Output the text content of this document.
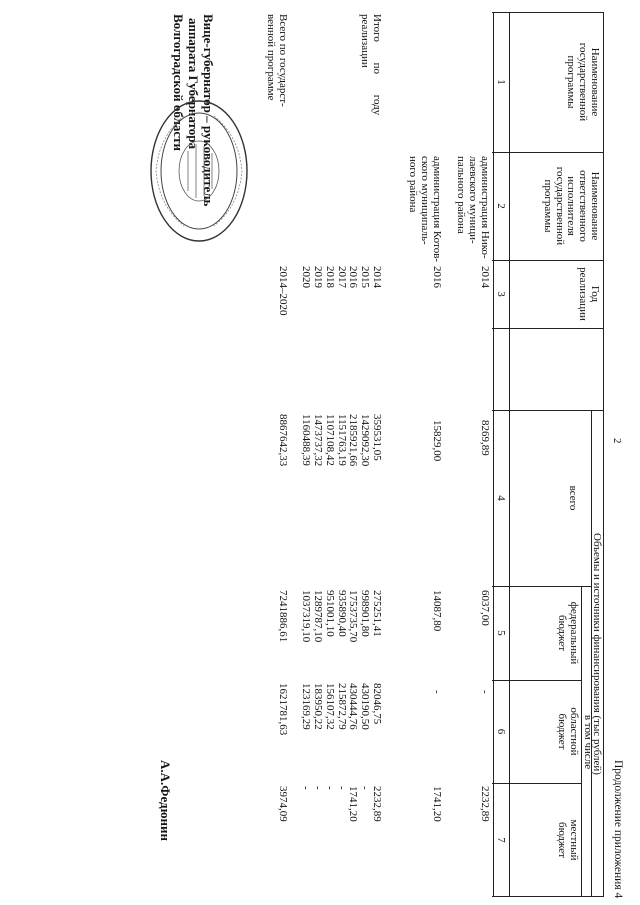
2
Продолжение приложения 4
Наименование
государственной
программы
Наименование
ответственного
исполнителя
государственной
программы
Год
реализации
Объемы и источники финансирования (тыс рублей)
всего
в том числе
федеральный
бюджет
областной
бюджет
местный
бюджет
1
2
3
4
5
6
7
администрация Нико-
лаевского муници-
пального района
2014
8269,89
6037,00
-
2232,89
администрация Котов-
ского муниципаль-
ного района
2016
15829,00
14087,80
-
1741,20
Итого по году
реализации
2014
2015
2016
2017
2018
2019
2020
359531,05
1429092,30
2185921,66
1151763,19
1107108,42
1473737,32
1160488,39
275251,41
998901,80
1753735,70
935890,40
951001,10
1289787,10
1037319,10
82046,75
430190,50
430444,76
215872,79
156107,32
183950,22
123169,29
2232,89
-
1741,20
-
-
-
-
Всего по государст-
венной программе
2014–2020
8867642,33
7241886,61
1621781,63
3974,09
Вице-губернатор – руководитель
аппарата Губернатора
Волгоградской области
А.А.Федюнин
